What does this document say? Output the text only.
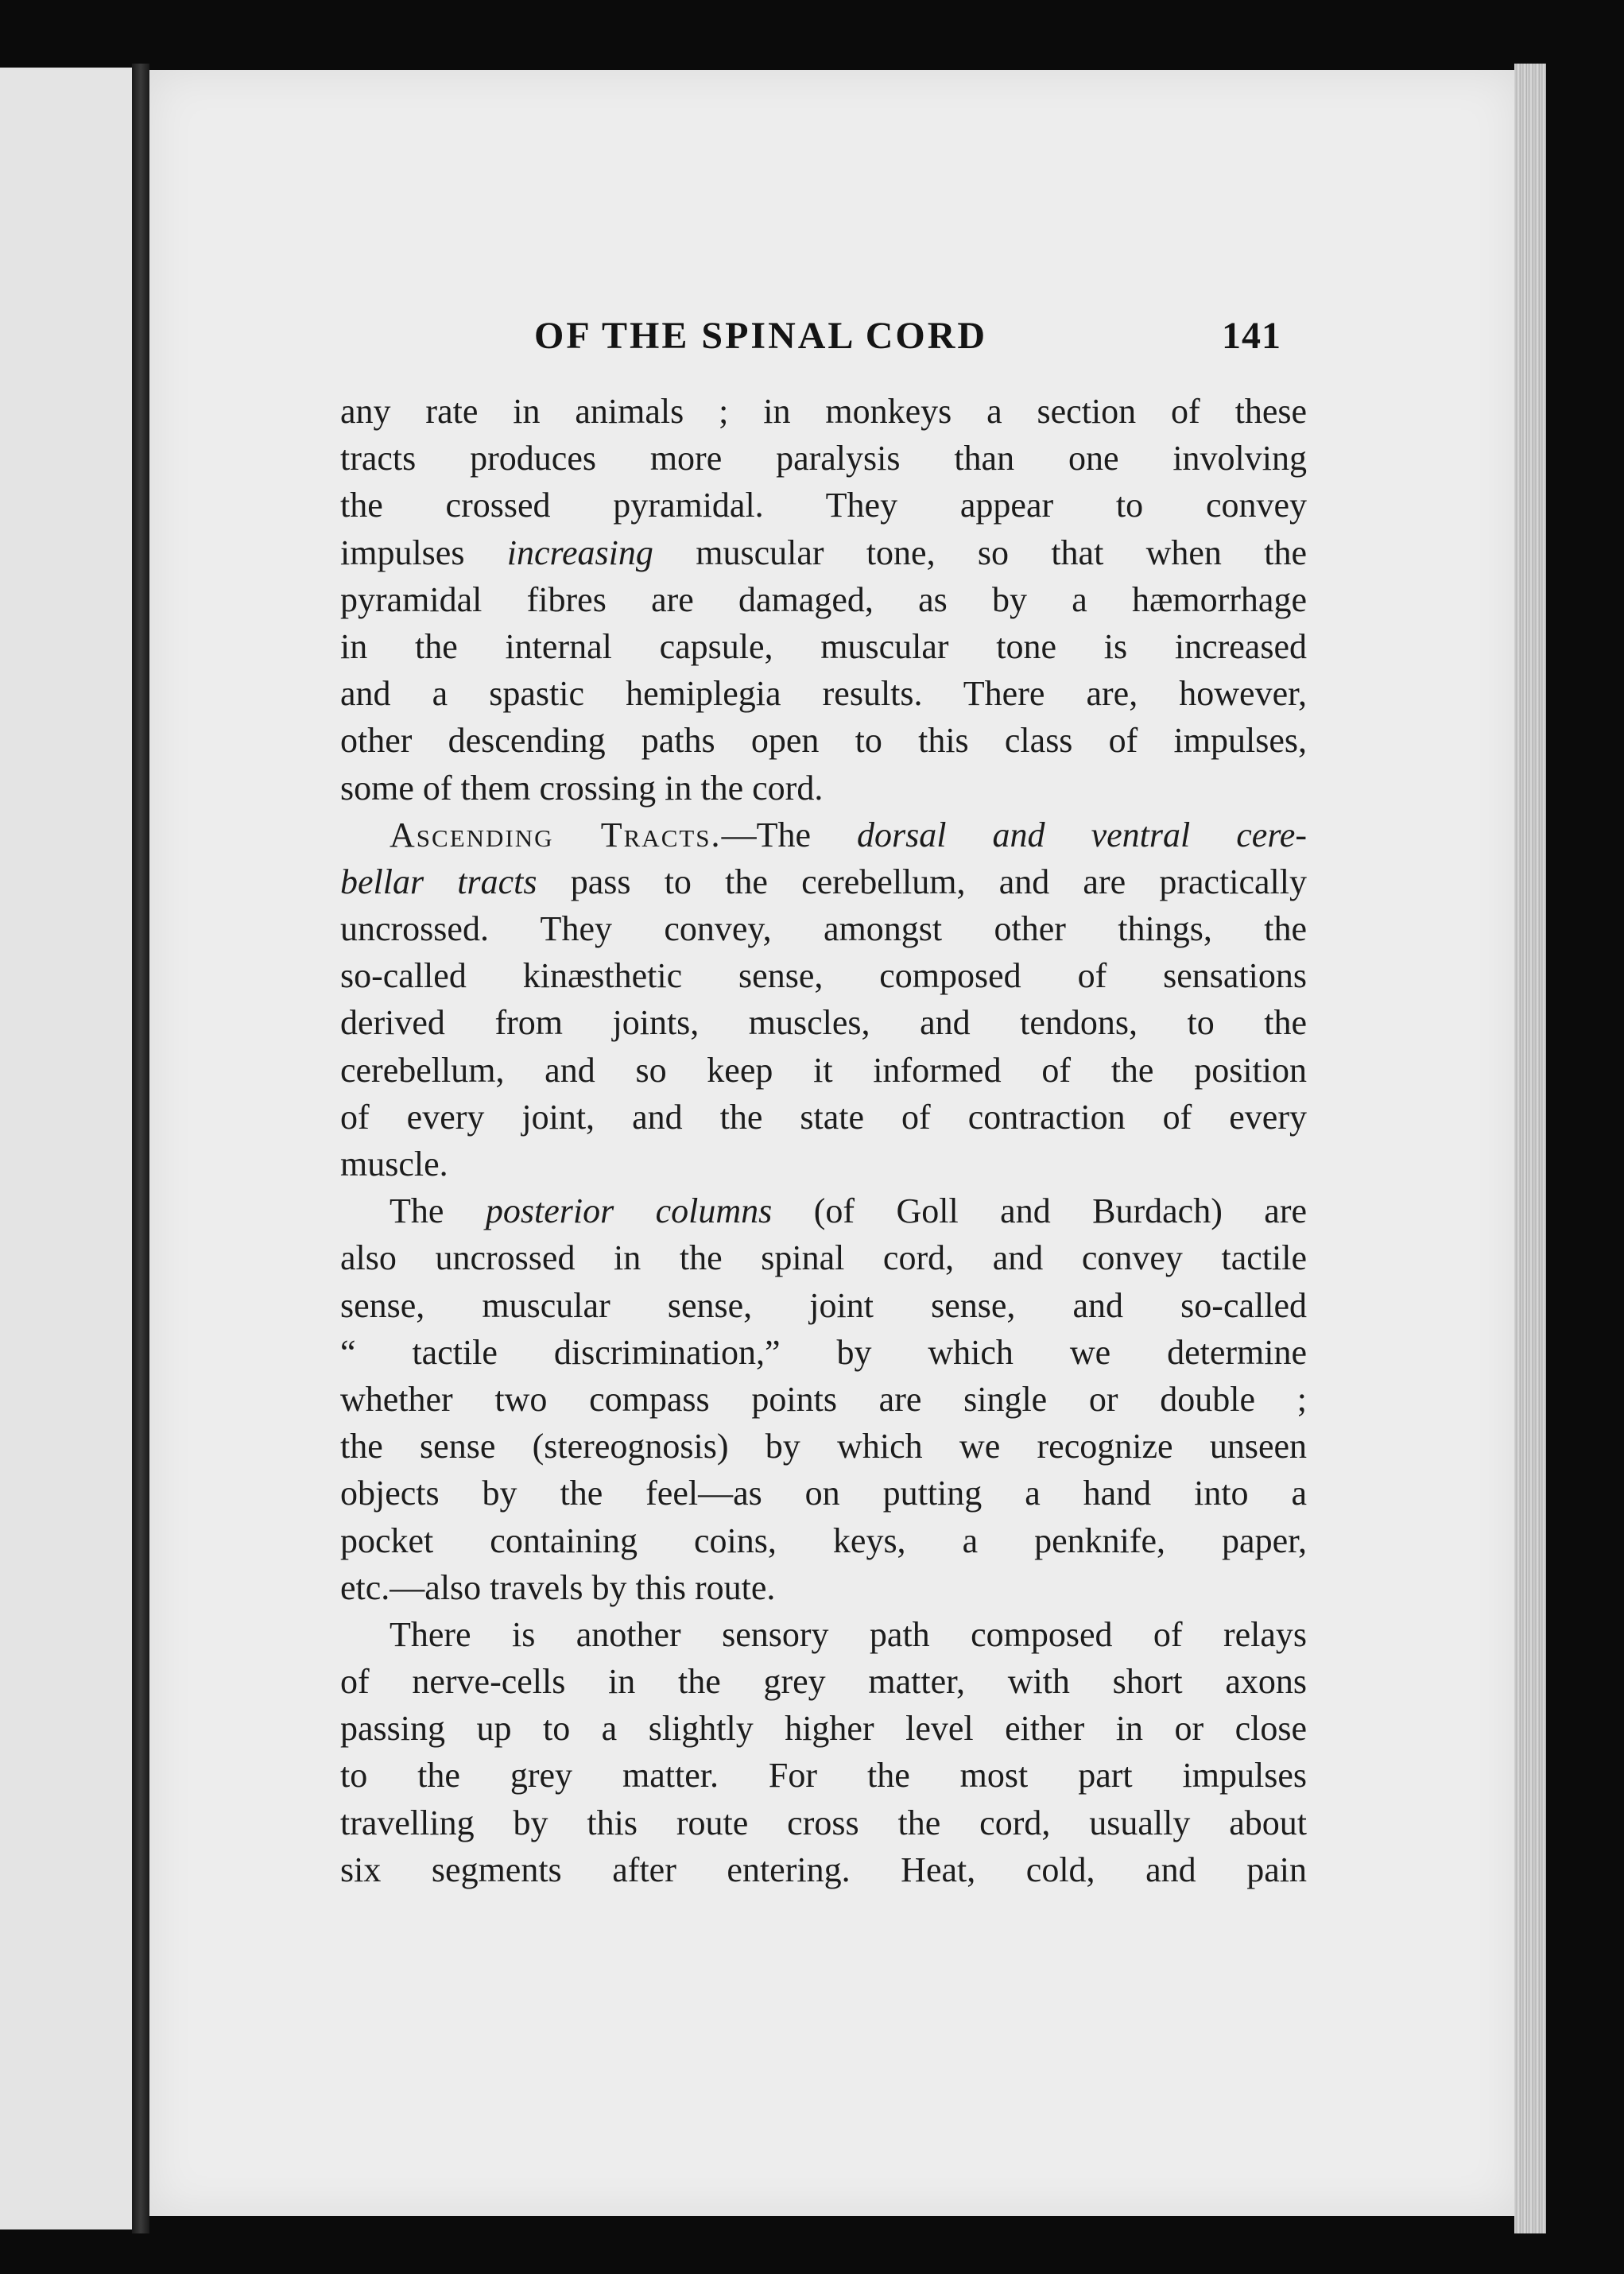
OF THE SPINAL CORD	141
any rate in animals ; in monkeys a section of these
tracts produces more paralysis than one involving
the crossed pyramidal. They appear to convey
impulses increasing muscular tone, so that when the
pyramidal fibres are damaged, as by a hæmorrhage
in the internal capsule, muscular tone is increased
and a spastic hemiplegia results. There are, however,
other descending paths open to this class of impulses,
some of them crossing in the cord.
Ascending Tracts.—The dorsal and ventral cere-
bellar tracts pass to the cerebellum, and are practically
uncrossed. They convey, amongst other things, the
so-called kinæsthetic sense, composed of sensations
derived from joints, muscles, and tendons, to the
cerebellum, and so keep it informed of the position
of every joint, and the state of contraction of every
muscle.
The posterior columns (of Goll and Burdach) are
also uncrossed in the spinal cord, and convey tactile
sense, muscular sense, joint sense, and so-called
“ tactile discrimination,” by which we determine
whether two compass points are single or double ;
the sense (stereognosis) by which we recognize unseen
objects by the feel—as on putting a hand into a
pocket containing coins, keys, a penknife, paper,
etc.—also travels by this route.
There is another sensory path composed of relays
of nerve-cells in the grey matter, with short axons
passing up to a slightly higher level either in or close
to the grey matter. For the most part impulses
travelling by this route cross the cord, usually about
six segments after entering. Heat, cold, and pain
